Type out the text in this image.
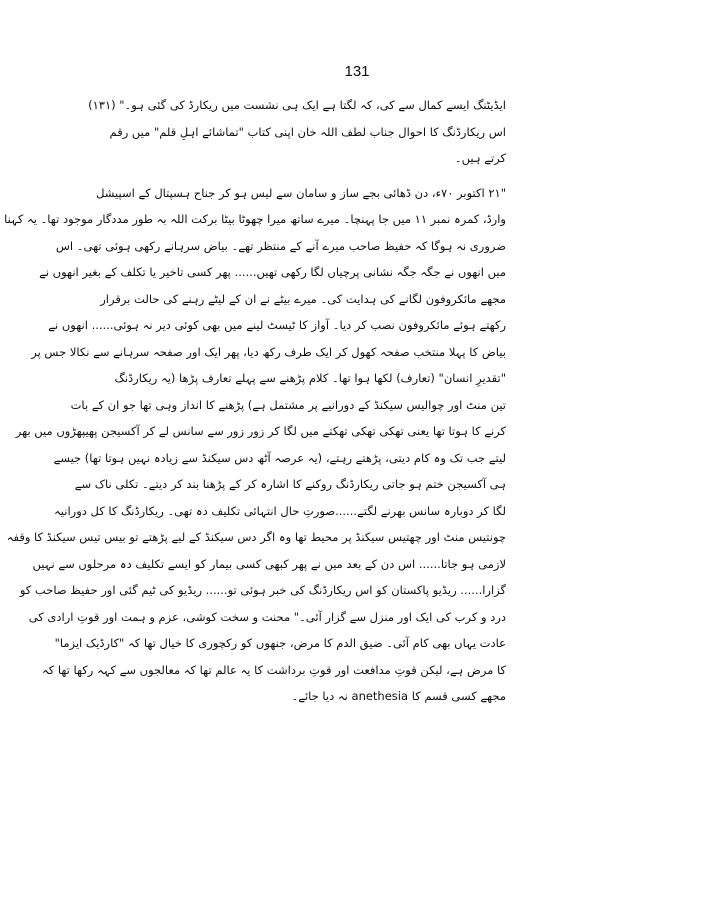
131
ایڈیٹنگ ایسے کمال سے کی، کہ لگتا ہے ایک ہی نشست میں ریکارڈ کی گئی ہو۔" (۱۳۱)
اس ریکارڈنگ کا احوال جناب لطف اللہ خان اپنی کتاب "تماشائے اہلِ قلم" میں رقم
کرتے ہیں۔
"۲۱ اکتوبر ۷۰ء، دن ڈھائی بجے ساز و سامان سے لیس ہو کر جناح ہسپتال کے اسپیشل
وارڈ، کمرہ نمبر ۱۱ میں جا پہنچا۔ میرے ساتھ میرا چھوٹا بیٹا برکت اللہ بہ طور مددگار موجود تھا۔ یہ کہنا
ضروری نہ ہوگا کہ حفیظ صاحب میرے آنے کے منتظر تھے۔ بیاض سرہانے رکھی ہوئی تھی۔ اس
میں انھوں نے جگہ جگہ نشانی پرچیاں لگا رکھی تھیں...... پھر کسی تاخیر یا تکلف کے بغیر انھوں نے
مجھے مائکروفون لگانے کی ہدایت کی۔ میرے بیٹے نے ان کے لیٹے رہنے کی حالت برقرار
رکھتے ہوئے مائکروفون نصب کر دیا۔ آواز کا ٹیسٹ لینے میں بھی کوئی دیر نہ ہوئی...... انھوں نے
بیاض کا پہلا منتخب صفحہ کھول کر ایک طرف رکھ دیا، پھر ایک اور صفحہ سرہانے سے نکالا جس پر
"تقدیرِ انسان" (تعارف) لکھا ہوا تھا۔ کلام پڑھنے سے پہلے تعارف پڑھا (یہ ریکارڈنگ
تین منٹ اور چوالیس سیکنڈ کے دورانیے پر مشتمل ہے) پڑھنے کا انداز وہی تھا جو ان کے بات
کرنے کا ہوتا تھا یعنی تھکی تھکی تھکتے میں لگا کر زور زور سے سانس لے کر آکسیجن پھیپھڑوں میں بھر
لیتے جب تک وہ کام دیتی، پڑھتے رہتے، (یہ عرصہ آٹھ دس سیکنڈ سے زیادہ نہیں ہوتا تھا) جیسے
ہی آکسیجن ختم ہو جاتی ریکارڈنگ روکنے کا اشارہ کر کے پڑھنا بند کر دیتے۔ تکلی ناک سے
لگا کر دوبارہ سانس بھرنے لگتے......صورتِ حال انتہائی تکلیف دہ تھی۔ ریکارڈنگ کا کل دورانیہ
چونتیس منٹ اور چھتیس سیکنڈ پر محیط تھا وہ اگر دس سیکنڈ کے لیے پڑھتے تو بیس تیس سیکنڈ کا وقفہ
لازمی ہو جاتا...... اس دن کے بعد میں نے پھر کبھی کسی بیمار کو ایسے تکلیف دہ مرحلوں سے نہیں
گزارا...... ریڈیو پاکستان کو اس ریکارڈنگ کی خبر ہوئی تو...... ریڈیو کی ٹیم گئی اور حفیظ صاحب کو
درد و کرب کی ایک اور منزل سے گزار آئی۔" محنت و سخت کوشی، عزم و ہمت اور قوتِ ارادی کی
عادت یہاں بھی کام آئی۔ ضیق الدم کا مرض، جنھوں کو رکچوری کا خیال تھا کہ "کارڈیک ایزما"
کا مرض ہے، لیکن قوتِ مدافعت اور قوتِ برداشت کا یہ عالم تھا کہ معالجوں سے کہہ رکھا تھا کہ
مجھے کسی قسم کا anethesia نہ دیا جائے۔
